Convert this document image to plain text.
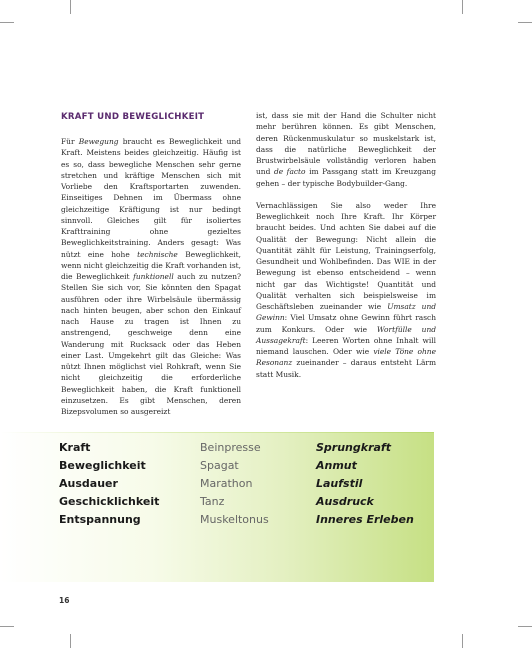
KRAFT UND BEWEGLICHKEIT

Für Bewegung braucht es Beweglichkeit und Kraft. Meistens beides gleichzeitig. Häufig ist es so, dass bewegliche Menschen sehr gerne stretchen und kräftige Menschen sich mit Vorliebe den Kraftsportarten zuwenden. Einseitiges Dehnen im Übermass ohne gleichzeitige Kräftigung ist nur bedingt sinnvoll. Gleiches gilt für isoliertes Krafttraining ohne gezieltes Beweglichkeitstraining. Anders gesagt: Was nützt eine hohe technische Beweglichkeit, wenn nicht gleichzeitig die Kraft vorhanden ist, die Beweglichkeit funktionell auch zu nutzen? Stellen Sie sich vor, Sie könnten den Spagat ausführen oder ihre Wirbelsäule übermässig nach hinten beugen, aber schon den Einkauf nach Hause zu tragen ist Ihnen zu anstrengend, geschweige denn eine Wanderung mit Rucksack oder das Heben einer Last. Umgekehrt gilt das Gleiche: Was nützt Ihnen möglichst viel Rohkraft, wenn Sie nicht gleichzeitig die erforderliche Beweglichkeit haben, die Kraft funktionell einzusetzen. Es gibt Menschen, deren Bizepsvolumen so ausgereizt

ist, dass sie mit der Hand die Schulter nicht mehr berühren können. Es gibt Menschen, deren Rückenmuskulatur so muskelstark ist, dass die natürliche Beweglichkeit der Brustwirbelsäule vollständig verloren haben und de facto im Passgang statt im Kreuzgang gehen – der typische Bodybuilder-Gang.

Vernachlässigen Sie also weder Ihre Beweglichkeit noch Ihre Kraft. Ihr Körper braucht beides. Und achten Sie dabei auf die Qualität der Bewegung: Nicht allein die Quantität zählt für Leistung, Trainingserfolg, Gesundheit und Wohlbefinden. Das WIE in der Bewegung ist ebenso entscheidend – wenn nicht gar das Wichtigste! Quantität und Qualität verhalten sich beispielsweise im Geschäftsleben zueinander wie Umsatz und Gewinn: Viel Umsatz ohne Gewinn führt rasch zum Konkurs. Oder wie Wortfülle und Aussagekraft: Leeren Worten ohne Inhalt will niemand lauschen. Oder wie viele Töne ohne Resonanz zueinander – daraus entsteht Lärm statt Musik.

Kraft	Beinpresse	Sprungkraft
Beweglichkeit	Spagat	Anmut
Ausdauer	Marathon	Laufstil
Geschicklichkeit	Tanz	Ausdruck
Entspannung	Muskeltonus	Inneres Erleben
16
